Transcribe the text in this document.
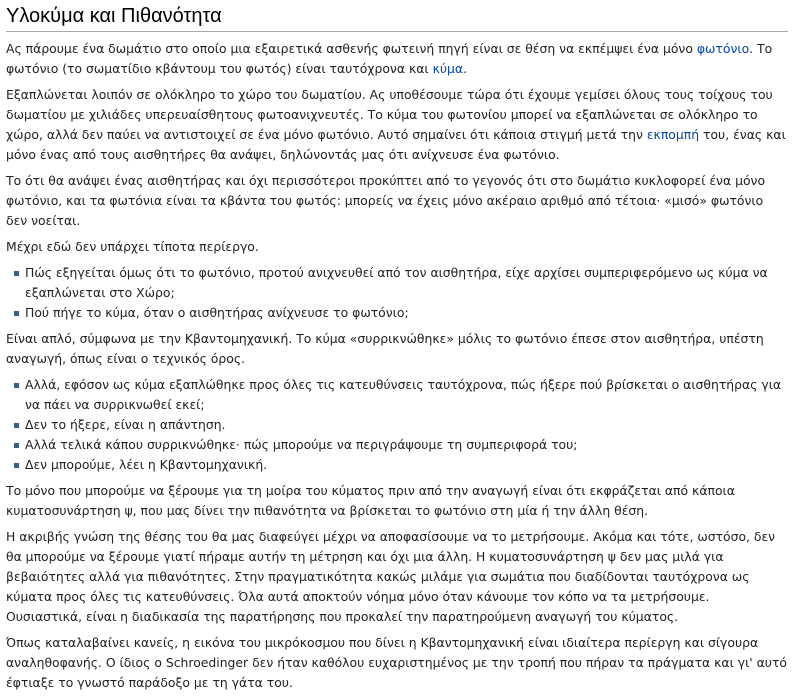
Υλοκύμα και Πιθανότητα

Ας πάρουμε ένα δωμάτιο στο οποίο μια εξαιρετικά ασθενής φωτεινή πηγή είναι σε θέση να εκπέμψει ένα μόνο φωτόνιο. Το φωτόνιο (το σωματίδιο κβάντουμ του φωτός) είναι ταυτόχρονα και κύμα.

Εξαπλώνεται λοιπόν σε ολόκληρο το χώρο του δωματίου. Ας υποθέσουμε τώρα ότι έχουμε γεμίσει όλους τους τοίχους του δωματίου με χιλιάδες υπερευαίσθητους φωτοανιχνευτές. Το κύμα του φωτονίου μπορεί να εξαπλώνεται σε ολόκληρο το χώρο, αλλά δεν παύει να αντιστοιχεί σε ένα μόνο φωτόνιο. Αυτό σημαίνει ότι κάποια στιγμή μετά την εκπομπή του, ένας και μόνο ένας από τους αισθητήρες θα ανάψει, δηλώνοντάς μας ότι ανίχνευσε ένα φωτόνιο.

Το ότι θα ανάψει ένας αισθητήρας και όχι περισσότεροι προκύπτει από το γεγονός ότι στο δωμάτιο κυκλοφορεί ένα μόνο φωτόνιο, και τα φωτόνια είναι τα κβάντα του φωτός: μπορείς να έχεις μόνο ακέραιο αριθμό από τέτοια· «μισό» φωτόνιο δεν νοείται.

Μέχρι εδώ δεν υπάρχει τίποτα περίεργο.

Πώς εξηγείται όμως ότι το φωτόνιο, προτού ανιχνευθεί από τον αισθητήρα, είχε αρχίσει συμπεριφερόμενο ως κύμα να εξαπλώνεται στο Χώρο;
Πού πήγε το κύμα, όταν ο αισθητήρας ανίχνευσε το φωτόνιο;

Είναι απλό, σύμφωνα με την Κβαντομηχανική. Το κύμα «συρρικνώθηκε» μόλις το φωτόνιο έπεσε στον αισθητήρα, υπέστη αναγωγή, όπως είναι ο τεχνικός όρος.

Αλλά, εφόσον ως κύμα εξαπλώθηκε προς όλες τις κατευθύνσεις ταυτόχρονα, πώς ήξερε πού βρίσκεται ο αισθητήρας για να πάει να συρρικνωθεί εκεί;
Δεν το ήξερε, είναι η απάντηση.
Αλλά τελικά κάπου συρρικνώθηκε· πώς μπορούμε να περιγράψουμε τη συμπεριφορά του;
Δεν μπορούμε, λέει η Κβαντομηχανική.

Το μόνο που μπορούμε να ξέρουμε για τη μοίρα του κύματος πριν από την αναγωγή είναι ότι εκφράζεται από κάποια κυματοσυνάρτηση ψ, που μας δίνει την πιθανότητα να βρίσκεται το φωτόνιο στη μία ή την άλλη θέση.

Η ακριβής γνώση της θέσης του θα μας διαφεύγει μέχρι να αποφασίσουμε να το μετρήσουμε. Ακόμα και τότε, ωστόσο, δεν θα μπορούμε να ξέρουμε γιατί πήραμε αυτήν τη μέτρηση και όχι μια άλλη. Η κυματοσυνάρτηση ψ δεν μας μιλά για βεβαιότητες αλλά για πιθανότητες. Στην πραγματικότητα κακώς μιλάμε για σωμάτια που διαδίδονται ταυτόχρονα ως κύματα προς όλες τις κατευθύνσεις. Όλα αυτά αποκτούν νόημα μόνο όταν κάνουμε τον κόπο να τα μετρήσουμε. Ουσιαστικά, είναι η διαδικασία της παρατήρησης που προκαλεί την παρατηρούμενη αναγωγή του κύματος.

Όπως καταλαβαίνει κανείς, η εικόνα του μικρόκοσμου που δίνει η Κβαντομηχανική είναι ιδιαίτερα περίεργη και σίγουρα αναληθοφανής. Ο ίδιος ο Schroedinger δεν ήταν καθόλου ευχαριστημένος με την τροπή που πήραν τα πράγματα και γι' αυτό έφτιαξε το γνωστό παράδοξο με τη γάτα του.
